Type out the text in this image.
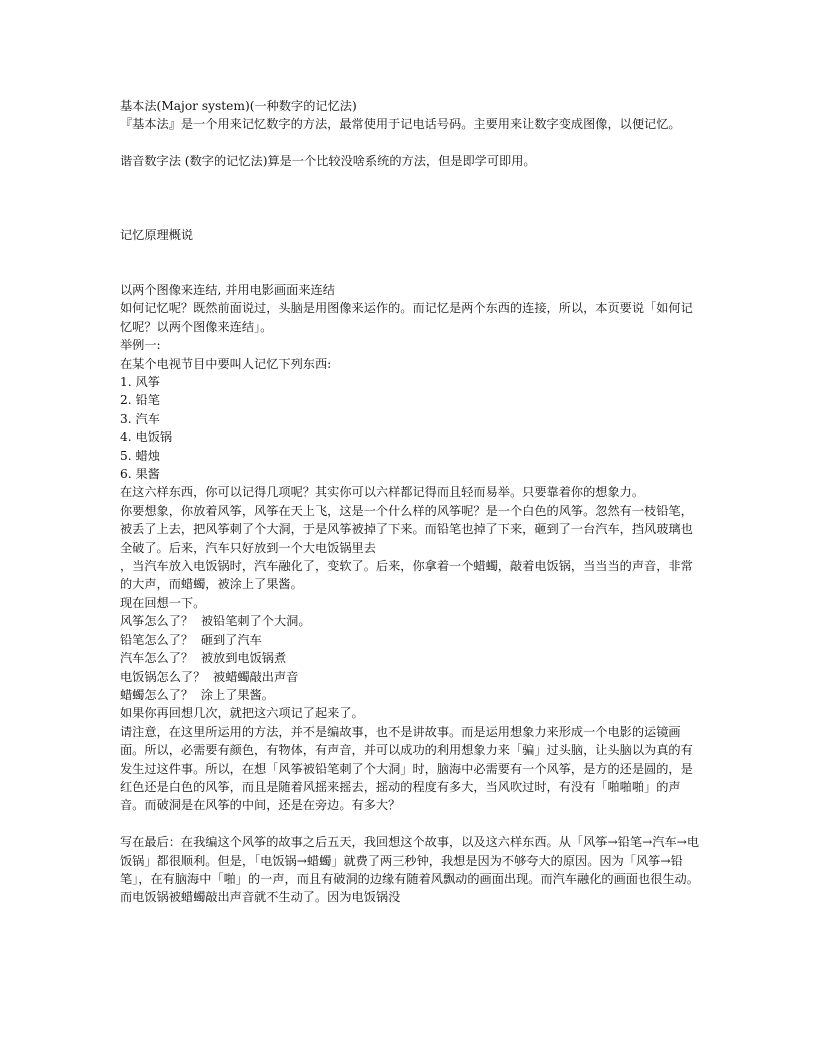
基本法(Major system)(一种数字的记忆法)
『基本法』是一个用来记忆数字的方法，最常使用于记电话号码。主要用来让数字变成图像，以便记忆。
谐音数字法 (数字的记忆法)算是一个比较没啥系统的方法，但是即学可即用。
记忆原理概说
以两个图像来连结, 并用电影画面来连结
如何记忆呢？既然前面说过，头脑是用图像来运作的。而记忆是两个东西的连接，所以，本页要说「如何记忆呢？以两个图像来连结」。
举例一:
在某个电视节目中要叫人记忆下列东西:
1. 风筝
2. 铅笔
3. 汽车
4. 电饭锅
5. 蜡烛
6. 果酱
在这六样东西，你可以记得几项呢？其实你可以六样都记得而且轻而易举。只要靠着你的想象力。
你要想象，你放着风筝，风筝在天上飞，这是一个什么样的风筝呢？是一个白色的风筝。忽然有一枝铅笔，被丢了上去，把风筝刺了个大洞，于是风筝被掉了下来。而铅笔也掉了下来，砸到了一台汽车，挡风玻璃也全破了。后来，汽车只好放到一个大电饭锅里去
，当汽车放入电饭锅时，汽车融化了，变软了。后来，你拿着一个蜡蠋，敲着电饭锅，当当当的声音，非常的大声，而蜡蠋，被涂上了果酱。
现在回想一下。
风筝怎么了？  被铅笔刺了个大洞。
铅笔怎么了？  砸到了汽车
汽车怎么了？  被放到电饭锅煮
电饭锅怎么了？  被蜡蠋敲出声音
蜡蠋怎么了？  涂上了果酱。
如果你再回想几次，就把这六项记了起来了。
请注意，在这里所运用的方法，并不是编故事，也不是讲故事。而是运用想象力来形成一个电影的运镜画面。所以，必需要有颜色，有物体，有声音，并可以成功的利用想象力来「骗」过头脑，让头脑以为真的有发生过这件事。所以，在想「风筝被铅笔刺了个大洞」时，脑海中必需要有一个风筝，是方的还是圆的，是红色还是白色的风筝，而且是随着风摇来摇去，摇动的程度有多大，当风吹过时，有没有「啪啪啪」的声音。而破洞是在风筝的中间，还是在旁边。有多大？
写在最后：在我编这个风筝的故事之后五天，我回想这个故事，以及这六样东西。从「风筝→铅笔→汽车→电饭锅」都很顺利。但是，「电饭锅→蜡蠋」就费了两三秒钟，我想是因为不够夸大的原因。因为「风筝→铅笔」，在有脑海中「啪」的一声，而且有破洞的边缘有随着风飘动的画面出现。而汽车融化的画面也很生动。而电饭锅被蜡蠋敲出声音就不生动了。因为电饭锅没
